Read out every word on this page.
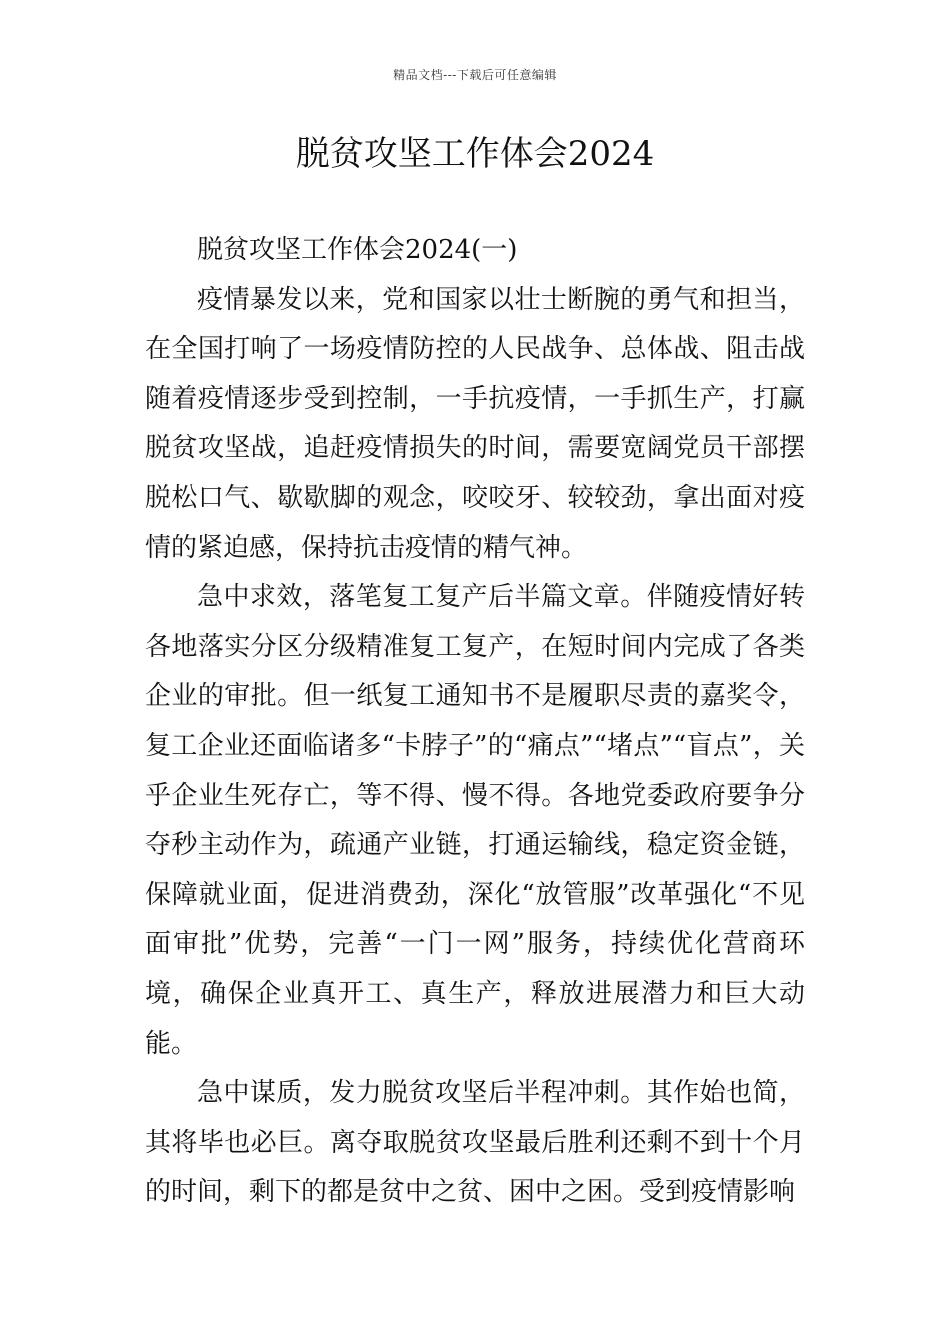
精品文档---下载后可任意编辑
脱贫攻坚工作体会2024

脱贫攻坚工作体会2024(一)

疫情暴发以来，党和国家以壮士断腕的勇气和担当，在全国打响了一场疫情防控的人民战争、总体战、阻击战随着疫情逐步受到控制，一手抗疫情，一手抓生产，打赢脱贫攻坚战，追赶疫情损失的时间，需要宽阔党员干部摆脱松口气、歇歇脚的观念，咬咬牙、较较劲，拿出面对疫情的紧迫感，保持抗击疫情的精气神。

急中求效，落笔复工复产后半篇文章。伴随疫情好转各地落实分区分级精准复工复产，在短时间内完成了各类企业的审批。但一纸复工通知书不是履职尽责的嘉奖令，复工企业还面临诸多“卡脖子”的“痛点”“堵点”“盲点”，关乎企业生死存亡，等不得、慢不得。各地党委政府要争分夺秒主动作为，疏通产业链，打通运输线，稳定资金链，保障就业面，促进消费劲，深化“放管服”改革强化“不见面审批”优势，完善“一门一网”服务，持续优化营商环境，确保企业真开工、真生产，释放进展潜力和巨大动能。

急中谋质，发力脱贫攻坚后半程冲刺。其作始也简，其将毕也必巨。离夺取脱贫攻坚最后胜利还剩不到十个月的时间，剩下的都是贫中之贫、困中之困。受到疫情影响
